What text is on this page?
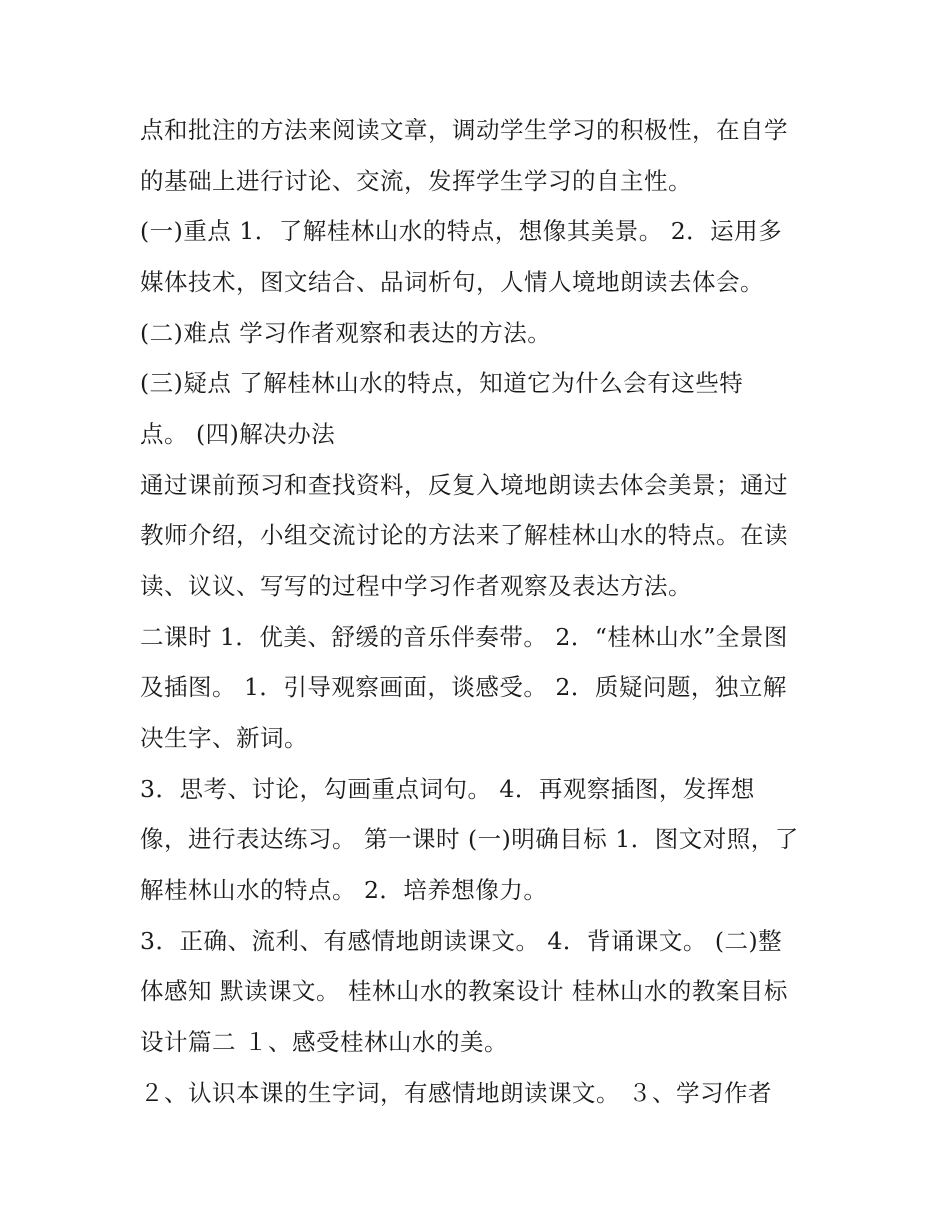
点和批注的方法来阅读文章，调动学生学习的积极性，在自学
的基础上进行讨论、交流，发挥学生学习的自主性。
(一)重点 1．了解桂林山水的特点，想像其美景。 2．运用多
媒体技术，图文结合、品词析句，人情人境地朗读去体会。
(二)难点 学习作者观察和表达的方法。
(三)疑点 了解桂林山水的特点，知道它为什么会有这些特
点。 (四)解决办法
通过课前预习和查找资料，反复入境地朗读去体会美景；通过
教师介绍，小组交流讨论的方法来了解桂林山水的特点。在读
读、议议、写写的过程中学习作者观察及表达方法。
二课时 1．优美、舒缓的音乐伴奏带。 2．“桂林山水”全景图
及插图。 1．引导观察画面，谈感受。 2．质疑问题，独立解
决生字、新词。
3．思考、讨论，勾画重点词句。 4．再观察插图，发挥想
像，进行表达练习。 第一课时 (一)明确目标 1．图文对照，了
解桂林山水的特点。 2．培养想像力。
3．正确、流利、有感情地朗读课文。 4．背诵课文。 (二)整
体感知 默读课文。 桂林山水的教案设计 桂林山水的教案目标
设计篇二 １、感受桂林山水的美。
２、认识本课的生字词，有感情地朗读课文。 ３、学习作者
